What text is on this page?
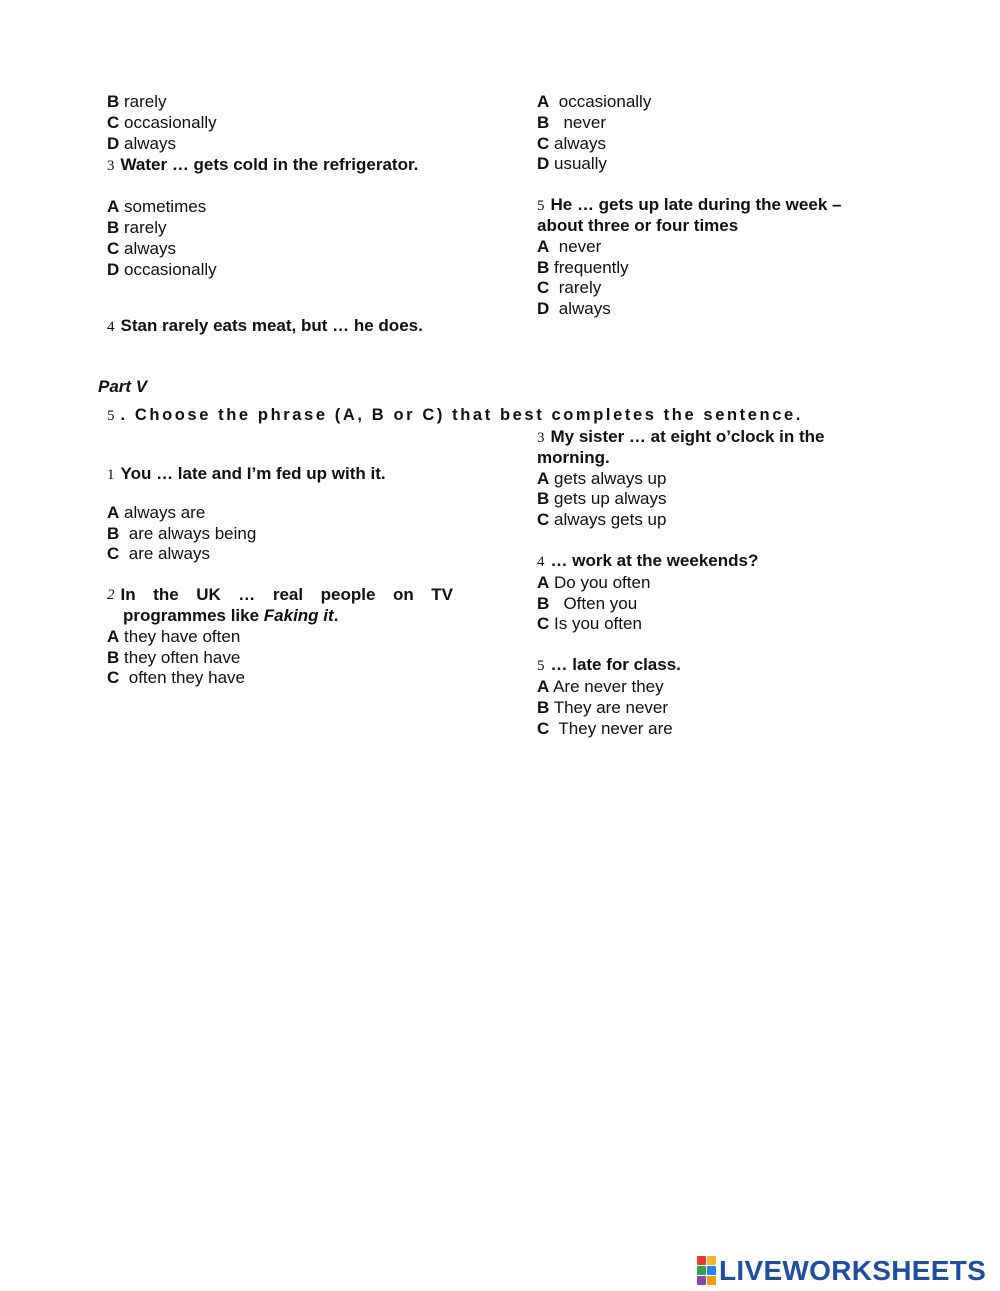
B rarely
C occasionally
D always
3 Water … gets cold in the refrigerator.
A sometimes
B rarely
C always
D occasionally
4 Stan rarely eats meat, but … he does.
A occasionally
B never
C always
D usually
5 He … gets up late during the week –
about three or four times
A never
B frequently
C rarely
D always
Part V
5 . Choose the phrase (A, B or C) that best completes the sentence.
1 You … late and I’m fed up with it.
A always are
B are always being
C are always
2 In the UK … real people on TV
programmes like Faking it.
A they have often
B they often have
C often they have
3 My sister … at eight o’clock in the
morning.
A gets always up
B gets up always
C always gets up
4 … work at the weekends?
A Do you often
B Often you
C Is you often
5 … late for class.
A Are never they
B They are never
C They never are
LIVEWORKSHEETS
